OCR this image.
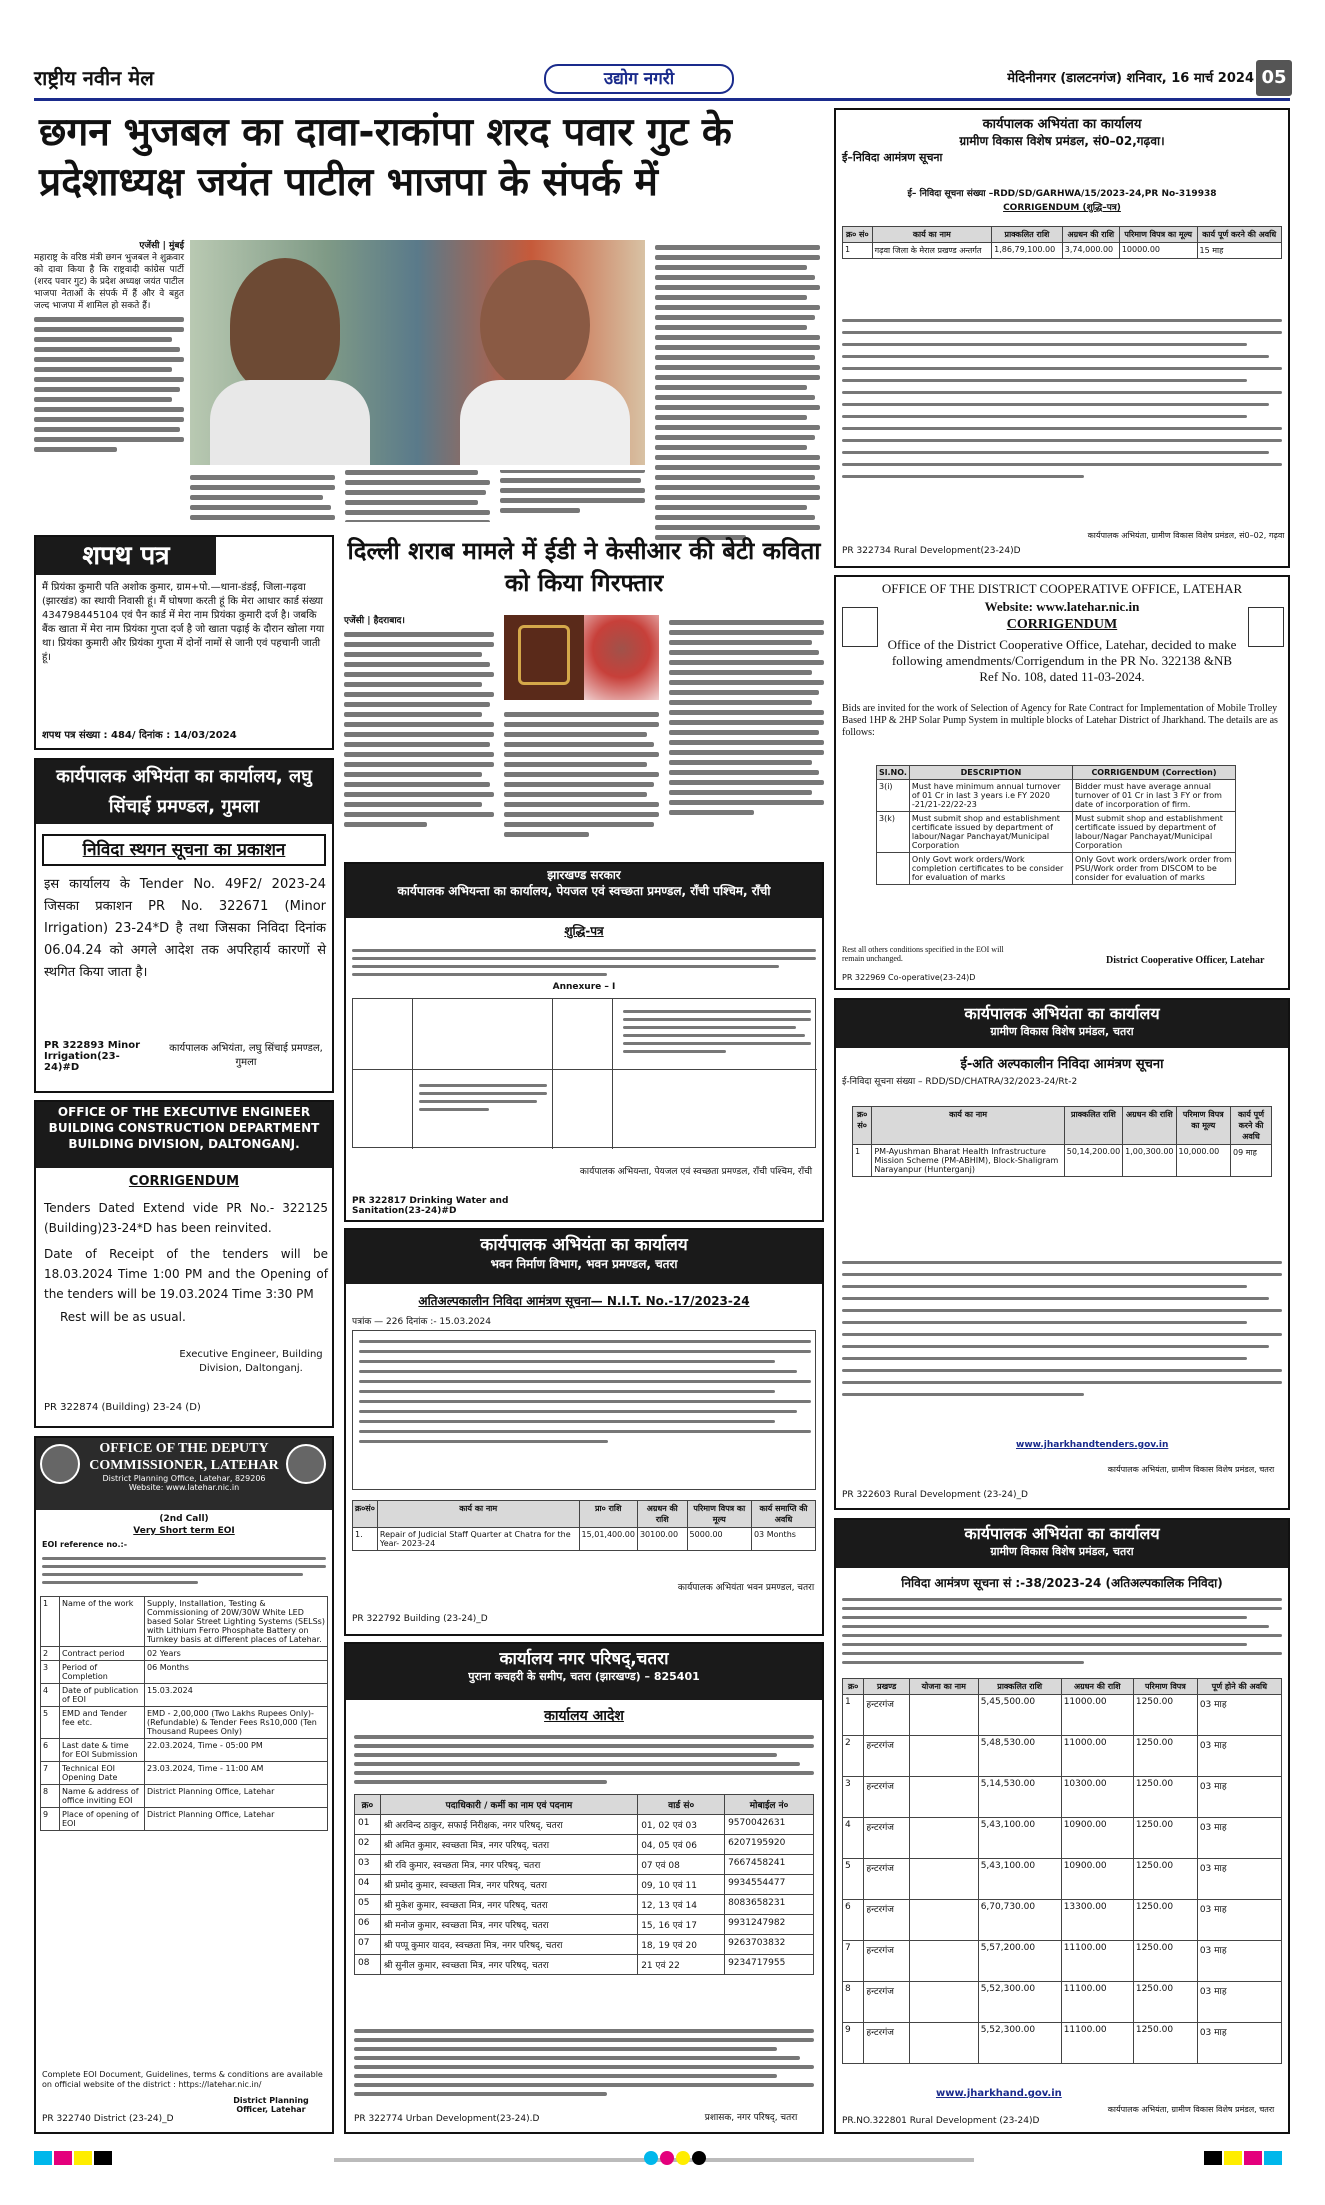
राष्ट्रीय नवीन मेल	उद्योग नगरी	मेदिनीनगर (डालटनगंज) शनिवार, 16 मार्च 2024 05
छगन भुजबल का दावा-राकांपा शरद पवार गुट के प्रदेशाध्यक्ष जयंत पाटील भाजपा के संपर्क में
एजेंसी | मुंबई
महाराष्ट्र के वरिष्ठ मंत्री छगन भुजबल ने शुक्रवार को दावा किया है कि राष्ट्रवादी कांग्रेस पार्टी (शरद पवार गुट) के प्रदेश अध्यक्ष जयंत पाटील भाजपा नेताओं के संपर्क में हैं और वे बहुत जल्द भाजपा में शामिल हो सकते हैं।
शपथ पत्र
मैं प्रियंका कुमारी पति अशोक कुमार, ग्राम+पो.—थाना-डंडई, जिला-गढ़वा (झारखंड) का स्थायी निवासी हूं। मैं घोषणा करती हूं कि मेरा आधार कार्ड संख्या 434798445104 एवं पैन कार्ड में मेरा नाम प्रियंका कुमारी दर्ज है। जबकि बैंक खाता में मेरा नाम प्रियंका गुप्ता दर्ज है जो खाता पढ़ाई के दौरान खोला गया था। प्रियंका कुमारी और प्रियंका गुप्ता में दोनों नामों से जानी एवं पहचानी जाती हूं।
शपथ पत्र संख्या : 484/ दिनांक : 14/03/2024
कार्यपालक अभियंता का कार्यालय, लघु सिंचाई प्रमण्डल, गुमला
निविदा स्थगन सूचना का प्रकाशन
इस कार्यालय के Tender No. 49F2/ 2023-24 जिसका प्रकाशन PR No. 322671 (Minor Irrigation) 23-24*D है तथा जिसका निविदा दिनांक 06.04.24 को अगले आदेश तक अपरिहार्य कारणों से स्थगित किया जाता है।
PR 322893 Minor Irrigation(23-24)#D
कार्यपालक अभियंता, लघु सिंचाई प्रमण्डल, गुमला
OFFICE OF THE EXECUTIVE ENGINEER BUILDING CONSTRUCTION DEPARTMENT BUILDING DIVISION, DALTONGANJ.
CORRIGENDUM
Tenders Dated Extend vide PR No.- 322125 (Building)23-24*D has been reinvited.
Date of Receipt of the tenders will be 18.03.2024 Time 1:00 PM and the Opening of the tenders will be 19.03.2024 Time 3:30 PM
Rest will be as usual.
Executive Engineer, Building Division, Daltonganj.
PR 322874 (Building) 23-24 (D)
OFFICE OF THE DEPUTY COMMISSIONER, LATEHAR
District Planning Office, Latehar, 829206
Website: www.latehar.nic.in
(2nd Call)
Very Short term EOI
EOI reference no.:-
1	Name of the work	Supply, Installation, Testing & Commissioning of 20W/30W White LED based Solar Street Lighting Systems (SELSs) with Lithium Ferro Phosphate Battery on Turnkey basis at different places of Latehar.
2	Contract period	02 Years
3	Period of Completion	06 Months
4	Date of publication of EOI	15.03.2024
5	EMD and Tender fee etc.	EMD - 2,00,000 (Two Lakhs Rupees Only)-(Refundable) & Tender Fees Rs10,000 (Ten Thousand Rupees Only)
6	Last date & time for EOI Submission	22.03.2024, Time - 05:00 PM
7	Technical EOI Opening Date	23.03.2024, Time - 11:00 AM
8	Name & address of office inviting EOI	District Planning Office, Latehar
9	Place of opening of EOI	District Planning Office, Latehar
Complete EOI Document, Guidelines, terms & conditions are available on official website of the district : https://latehar.nic.in/
PR 322740 District (23-24)_D
District Planning Officer, Latehar
दिल्ली शराब मामले में ईडी ने केसीआर की बेटी कविता को किया गिरफ्तार
एजेंसी | हैदराबाद।
झारखण्ड सरकार
कार्यपालक अभियन्ता का कार्यालय, पेयजल एवं स्वच्छता प्रमण्डल, राँची पश्चिम, राँची
शुद्धि-पत्र
Annexure – I
PR 322817 Drinking Water and Sanitation(23-24)#D
कार्यपालक अभियन्ता, पेयजल एवं स्वच्छता प्रमण्डल, राँची पश्चिम, राँची
कार्यपालक अभियंता का कार्यालय
भवन निर्माण विभाग, भवन प्रमण्डल, चतरा
अतिअल्पकालीन निविदा आमंत्रण सूचना— N.I.T. No.-17/2023-24
पत्रांक — 226 दिनांक :- 15.03.2024
क्र०सं०	कार्य का नाम	प्रा० राशि	अग्रधन की राशि	परिमाण विपत्र का मूल्य	कार्य समाप्ति की अवधि
1.	Repair of Judicial Staff Quarter at Chatra for the Year- 2023-24	15,01,400.00	30100.00	5000.00	03 Months
PR 322792 Building (23-24)_D
कार्यपालक अभियंता भवन प्रमण्डल, चतरा
कार्यालय नगर परिषद्,चतरा
पुराना कचहरी के समीप, चतरा (झारखण्ड) – 825401
कार्यालय आदेश
क्र०	पदाधिकारी / कर्मी का नाम एवं पदनाम	वार्ड सं०	मोबाईल नं०
01	श्री अरविन्द ठाकुर, सफाई निरीक्षक, नगर परिषद्, चतरा	01, 02 एवं 03	9570042631
02	श्री अमित कुमार, स्वच्छता मित्र, नगर परिषद्, चतरा	04, 05 एवं 06	6207195920
03	श्री रवि कुमार, स्वच्छता मित्र, नगर परिषद्, चतरा	07 एवं 08	7667458241
04	श्री प्रमोद कुमार, स्वच्छता मित्र, नगर परिषद्, चतरा	09, 10 एवं 11	9934554477
05	श्री मुकेश कुमार, स्वच्छता मित्र, नगर परिषद्, चतरा	12, 13 एवं 14	8083658231
06	श्री मनोज कुमार, स्वच्छता मित्र, नगर परिषद्, चतरा	15, 16 एवं 17	9931247982
07	श्री पप्पू कुमार यादव, स्वच्छता मित्र, नगर परिषद्, चतरा	18, 19 एवं 20	9263703832
08	श्री सुनील कुमार, स्वच्छता मित्र, नगर परिषद्, चतरा	21 एवं 22	9234717955
PR 322774 Urban Development(23-24).D	प्रशासक, नगर परिषद्, चतरा
कार्यपालक अभियंता का कार्यालय
ग्रामीण विकास विशेष प्रमंडल, सं0–02,गढ़वा।
ई–निविदा आमंत्रण सूचना
ई– निविदा सूचना संख्या –RDD/SD/GARHWA/15/2023-24,PR No-319938
CORRIGENDUM (शुद्धि–पत्र)
क्र० सं०	कार्य का नाम	प्राक्कलित राशि	अग्रधन की राशि	परिमाण विपत्र का मूल्य	कार्य पूर्ण करने की अवधि
1	गढ़वा जिला के मेराल प्रखण्ड अन्तर्गत	1,86,79,100.00	3,74,000.00	10000.00	15 माह
PR 322734 Rural Development(23-24)D
कार्यपालक अभियंता, ग्रामीण विकास विशेष प्रमंडल, सं0–02, गढ़वा
OFFICE OF THE DISTRICT COOPERATIVE OFFICE, LATEHAR
Website: www.latehar.nic.in
CORRIGENDUM
Office of the District Cooperative Office, Latehar, decided to make following amendments/Corrigendum in the PR No. 322138 &NB Ref No. 108, dated 11-03-2024.
Bids are invited for the work of Selection of Agency for Rate Contract for Implementation of Mobile Trolley Based 1HP & 2HP Solar Pump System in multiple blocks of Latehar District of Jharkhand. The details are as follows:
Sl.NO.	DESCRIPTION	CORRIGENDUM (Correction)
3(i)	Must have minimum annual turnover of 01 Cr in last 3 years i.e FY 2020 -21/21-22/22-23	Bidder must have average annual turnover of 01 Cr in last 3 FY or from date of incorporation of firm.
3(k)	Must submit shop and establishment certificate issued by department of labour/Nagar Panchayat/Municipal Corporation	Must submit shop and establishment certificate issued by department of labour/Nagar Panchayat/Municipal Corporation
	Only Govt work orders/Work completion certificates to be consider for evaluation of marks	Only Govt work orders/work order from PSU/Work order from DISCOM to be consider for evaluation of marks
Rest all others conditions specified in the EOI will remain unchanged.	District Cooperative Officer, Latehar
PR 322969 Co-operative(23-24)D
कार्यपालक अभियंता का कार्यालय
ग्रामीण विकास विशेष प्रमंडल, चतरा
ई-अति अल्पकालीन निविदा आमंत्रण सूचना
ई-निविदा सूचना संख्या – RDD/SD/CHATRA/32/2023-24/Rt-2
क्र० सं०	कार्य का नाम	प्राक्कलित राशि	अग्रधन की राशि	परिमाण विपत्र का मूल्य	कार्य पूर्ण करने की अवधि
1	PM-Ayushman Bharat Health Infrastructure Mission Scheme (PM-ABHIM), Block-Shaligram Narayanpur (Hunterganj)	50,14,200.00	1,00,300.00	10,000.00	09 माह
www.jharkhandtenders.gov.in
PR 322603 Rural Development (23-24)_D
कार्यपालक अभियंता, ग्रामीण विकास विशेष प्रमंडल, चतरा
कार्यपालक अभियंता का कार्यालय
ग्रामीण विकास विशेष प्रमंडल, चतरा
निविदा आमंत्रण सूचना सं :-38/2023-24 (अतिअल्पकालिक निविदा)
क्र०	प्रखण्ड	योजना का नाम	प्राक्कलित राशि	अग्रधन की राशि	परिमाण विपत्र	पूर्ण होने की अवधि
1	हन्टरगंज		5,45,500.00	11000.00	1250.00	03 माह
2	हन्टरगंज		5,48,530.00	11000.00	1250.00	03 माह
3	हन्टरगंज		5,14,530.00	10300.00	1250.00	03 माह
4	हन्टरगंज		5,43,100.00	10900.00	1250.00	03 माह
5	हन्टरगंज		5,43,100.00	10900.00	1250.00	03 माह
6	हन्टरगंज		6,70,730.00	13300.00	1250.00	03 माह
7	हन्टरगंज		5,57,200.00	11100.00	1250.00	03 माह
8	हन्टरगंज		5,52,300.00	11100.00	1250.00	03 माह
9	हन्टरगंज		5,52,300.00	11100.00	1250.00	03 माह
www.jharkhand.gov.in
PR.NO.322801 Rural Development (23-24)D
कार्यपालक अभियंता, ग्रामीण विकास विशेष प्रमंडल, चतरा
